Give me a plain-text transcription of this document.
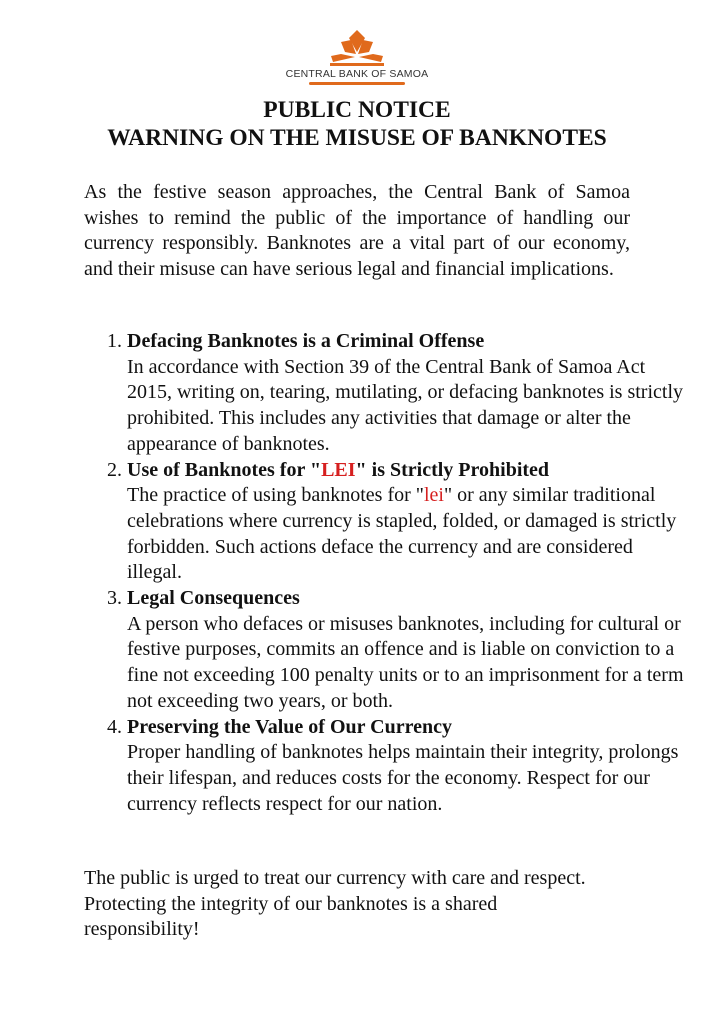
CENTRAL BANK OF SAMOA
PUBLIC NOTICE
WARNING ON THE MISUSE OF BANKNOTES
As the festive season approaches, the Central Bank of Samoa wishes to remind the public of the importance of handling our currency responsibly. Banknotes are a vital part of our economy, and their misuse can have serious legal and financial implications.
1. Defacing Banknotes is a Criminal Offense
In accordance with Section 39 of the Central Bank of Samoa Act 2015, writing on, tearing, mutilating, or defacing banknotes is strictly prohibited. This includes any activities that damage or alter the appearance of banknotes.
2. Use of Banknotes for "LEI" is Strictly Prohibited
The practice of using banknotes for "lei" or any similar traditional celebrations where currency is stapled, folded, or damaged is strictly forbidden. Such actions deface the currency and are considered illegal.
3. Legal Consequences
A person who defaces or misuses banknotes, including for cultural or festive purposes, commits an offence and is liable on conviction to a fine not exceeding 100 penalty units or to an imprisonment for a term not exceeding two years, or both.
4. Preserving the Value of Our Currency
Proper handling of banknotes helps maintain their integrity, prolongs their lifespan, and reduces costs for the economy. Respect for our currency reflects respect for our nation.
The public is urged to treat our currency with care and respect.
Protecting the integrity of our banknotes is a shared
responsibility!
